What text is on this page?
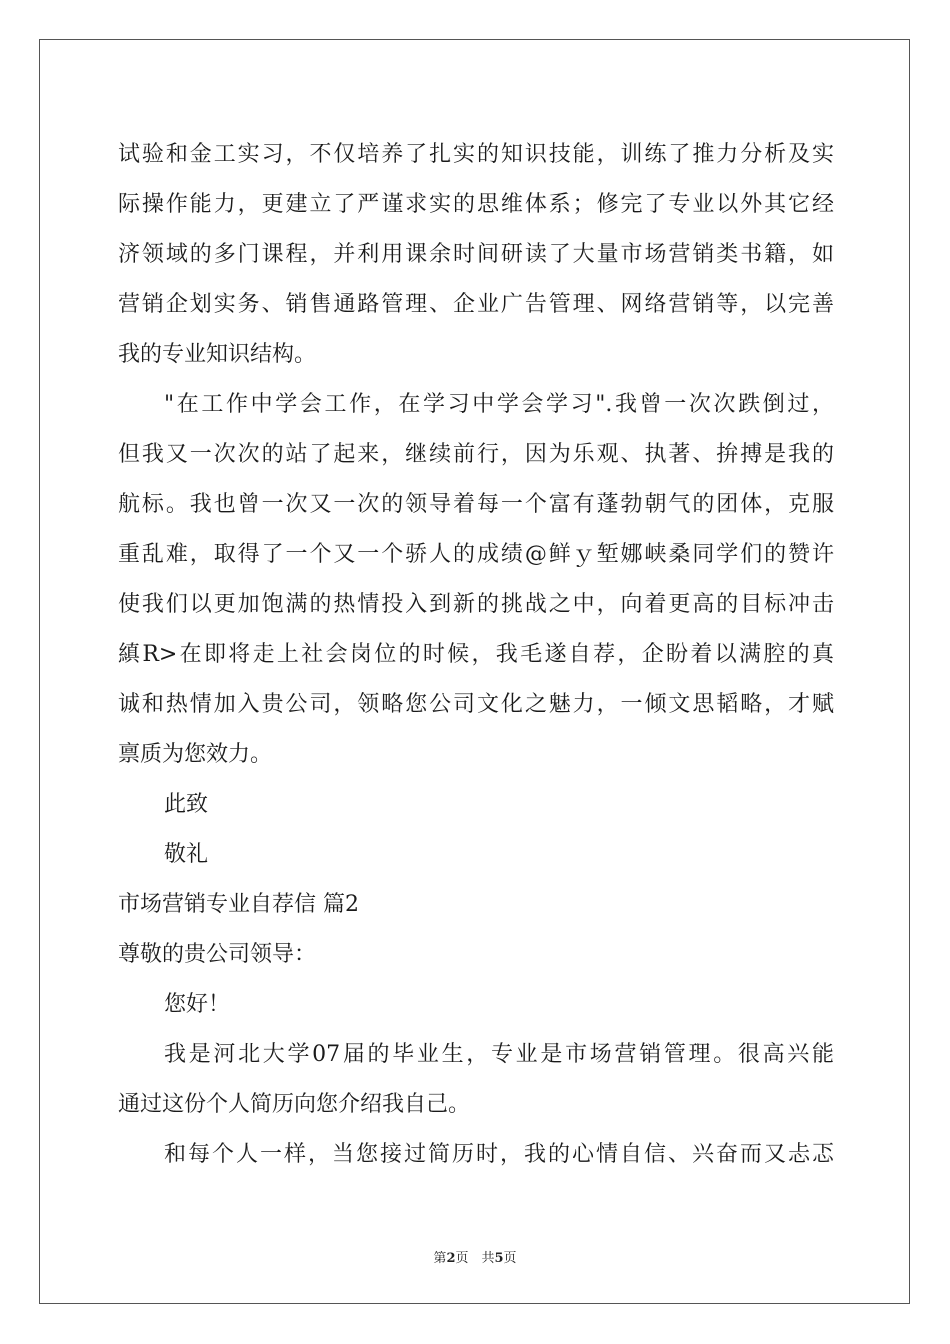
试验和金工实习，不仅培养了扎实的知识技能，训练了推力分析及实
际操作能力，更建立了严谨求实的思维体系；修完了专业以外其它经
济领域的多门课程，并利用课余时间研读了大量市场营销类书籍，如
营销企划实务、销售通路管理、企业广告管理、网络营销等，以完善
我的专业知识结构。
"在工作中学会工作，在学习中学会学习".我曾一次次跌倒过，
但我又一次次的站了起来，继续前行，因为乐观、执著、拚搏是我的
航标。我也曾一次又一次的领导着每一个富有蓬勃朝气的团体，克服
重乱难，取得了一个又一个骄人的成绩@鲜ｙ堑娜峡桑同学们的赞许
使我们以更加饱满的热情投入到新的挑战之中，向着更高的目标冲击
縝R>在即将走上社会岗位的时候，我毛遂自荐，企盼着以满腔的真
诚和热情加入贵公司，领略您公司文化之魅力，一倾文思韬略，才赋
禀质为您效力。
此致
敬礼
市场营销专业自荐信 篇2
尊敬的贵公司领导：
您好！
我是河北大学07届的毕业生，专业是市场营销管理。很高兴能
通过这份个人简历向您介绍我自己。
和每个人一样，当您接过简历时，我的心情自信、兴奋而又忐忑
第2页　共5页
